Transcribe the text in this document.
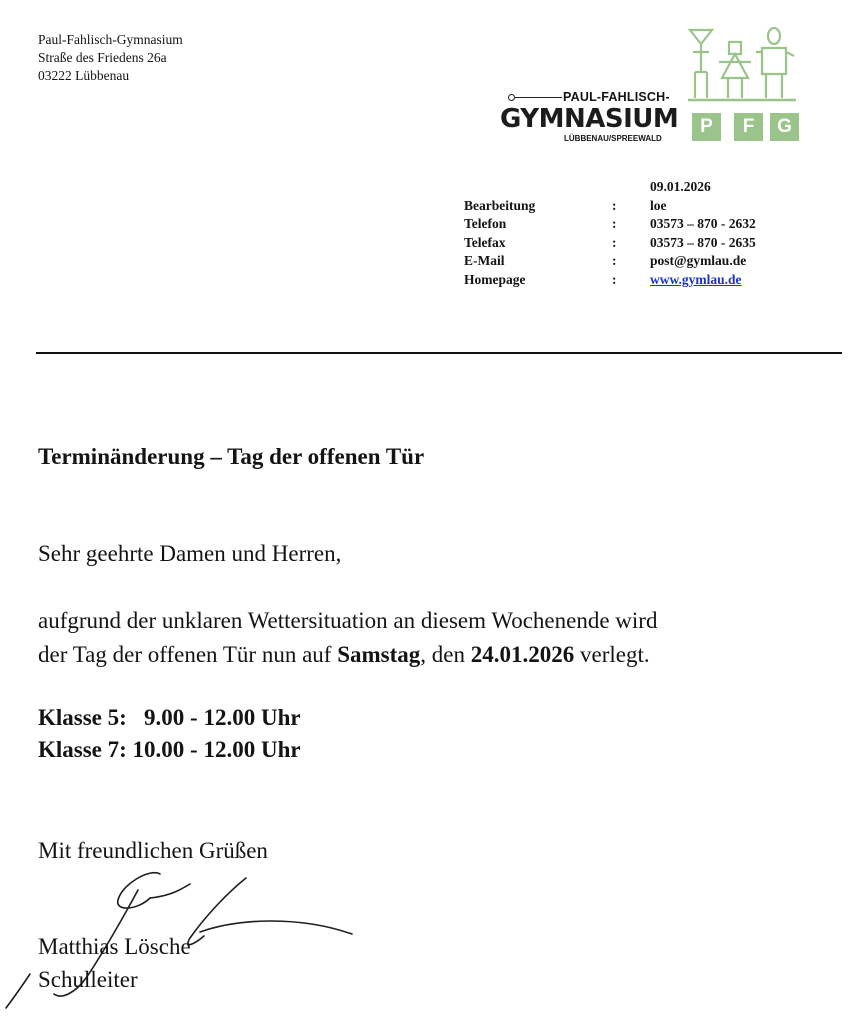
Paul-Fahlisch-Gymnasium
Straße des Friedens 26a
03222 Lübbenau
PAUL-FAHLISCH-
GYMNASIUM
LÜBBENAU/SPREEWALD
P	F	G
09.01.2026
Bearbeitung	:	loe
Telefon	:	03573 – 870 - 2632
Telefax	:	03573 – 870 - 2635
E-Mail	:	post@gymlau.de
Homepage	:	www.gymlau.de
Terminänderung – Tag der offenen Tür
Sehr geehrte Damen und Herren,
aufgrund der unklaren Wettersituation an diesem Wochenende wird
der Tag der offenen Tür nun auf Samstag, den 24.01.2026 verlegt.
Klasse 5:   9.00 - 12.00 Uhr
Klasse 7: 10.00 - 12.00 Uhr
Mit freundlichen Grüßen
Matthias Lösche
Schulleiter
